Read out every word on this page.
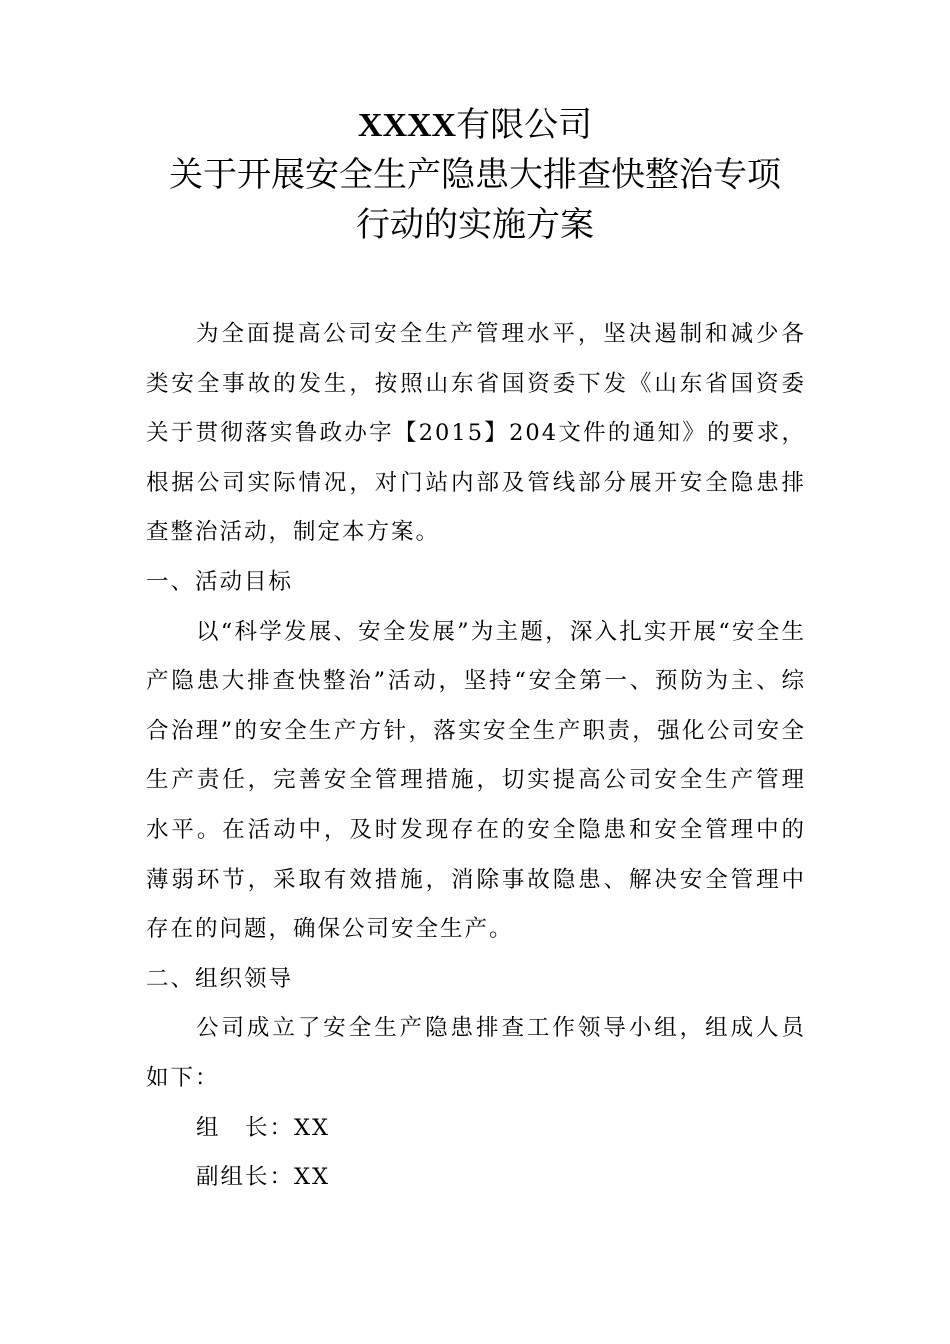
XXXX有限公司
关于开展安全生产隐患大排查快整治专项
行动的实施方案

为全面提高公司安全生产管理水平，坚决遏制和减少各类安全事故的发生，按照山东省国资委下发《山东省国资委关于贯彻落实鲁政办字【2015】204文件的通知》的要求，根据公司实际情况，对门站内部及管线部分展开安全隐患排查整治活动，制定本方案。

一、活动目标

以“科学发展、安全发展”为主题，深入扎实开展“安全生产隐患大排查快整治”活动，坚持“安全第一、预防为主、综合治理”的安全生产方针，落实安全生产职责，强化公司安全生产责任，完善安全管理措施，切实提高公司安全生产管理水平。在活动中，及时发现存在的安全隐患和安全管理中的薄弱环节，采取有效措施，消除事故隐患、解决安全管理中存在的问题，确保公司安全生产。

二、组织领导

公司成立了安全生产隐患排查工作领导小组，组成人员如下：

组　长：XX

副组长：XX
